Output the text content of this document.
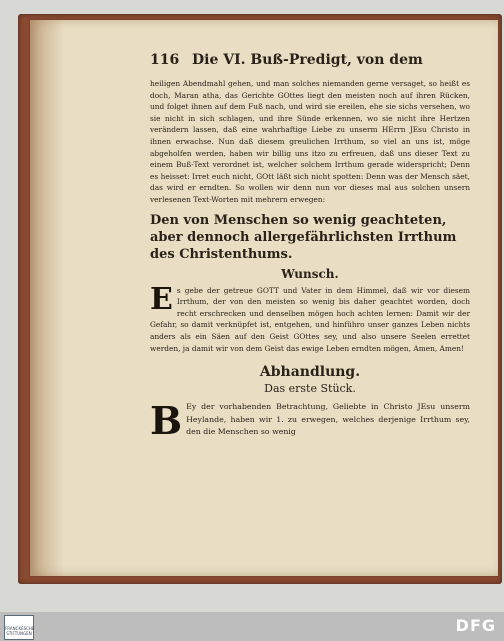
116 Die VI. Buß-Predigt, von dem
heiligen Abendmahl gehen, und man solches niemanden gerne versaget, so heißt es doch, Maran atha, das Gerichte GOttes liegt den meisten noch auf ihren Rücken, und folget ihnen auf dem Fuß nach, und wird sie ereilen, ehe sie sichs versehen, wo sie nicht in sich schlagen, und ihre Sünde erkennen, wo sie nicht ihre Hertzen verändern lassen, daß eine wahrhaftige Liebe zu unserm HErrn JEsu Christo in ihnen erwachse. Nun daß diesem greulichen Irrthum, so viel an uns ist, möge abgeholfen werden, haben wir billig uns itzo zu erfreuen, daß uns dieser Text zu einem Buß-Text verordnet ist, welcher solchem Irrthum gerade widerspricht; Denn es heisset: Irret euch nicht, GOtt läßt sich nicht spotten: Denn was der Mensch säet, das wird er erndten. So wollen wir denn nun vor dieses mal aus solchen unsern verlesenen Text-Worten mit mehrern erwegen:
Den von Menschen so wenig geachteten, aber dennoch allergefährlichsten Irrthum des Christenthums.
Wunsch.
E s gebe der getreue GOTT und Vater in dem Himmel, daß wir vor diesem Irrthum, der von den meisten so wenig bis daher geachtet worden, doch recht erschrecken und denselben mögen hoch achten lernen: Damit wir der Gefahr, so damit verknüpfet ist, entgehen, und hinführo unser ganzes Leben nichts anders als ein Säen auf den Geist GOttes sey, und also unsere Seelen errettet werden, ja damit wir von dem Geist das ewige Leben erndten mögen, Amen, Amen!
Abhandlung.
Das erste Stück.
B Ey der vorhabenden Betrachtung, Geliebte in Christo JEsu unserm Heylande, haben wir 1. zu erwegen, welches derjenige Irrthum sey, den die Menschen so wenig
FRANCKESCHE STIFTUNGEN	DFG
